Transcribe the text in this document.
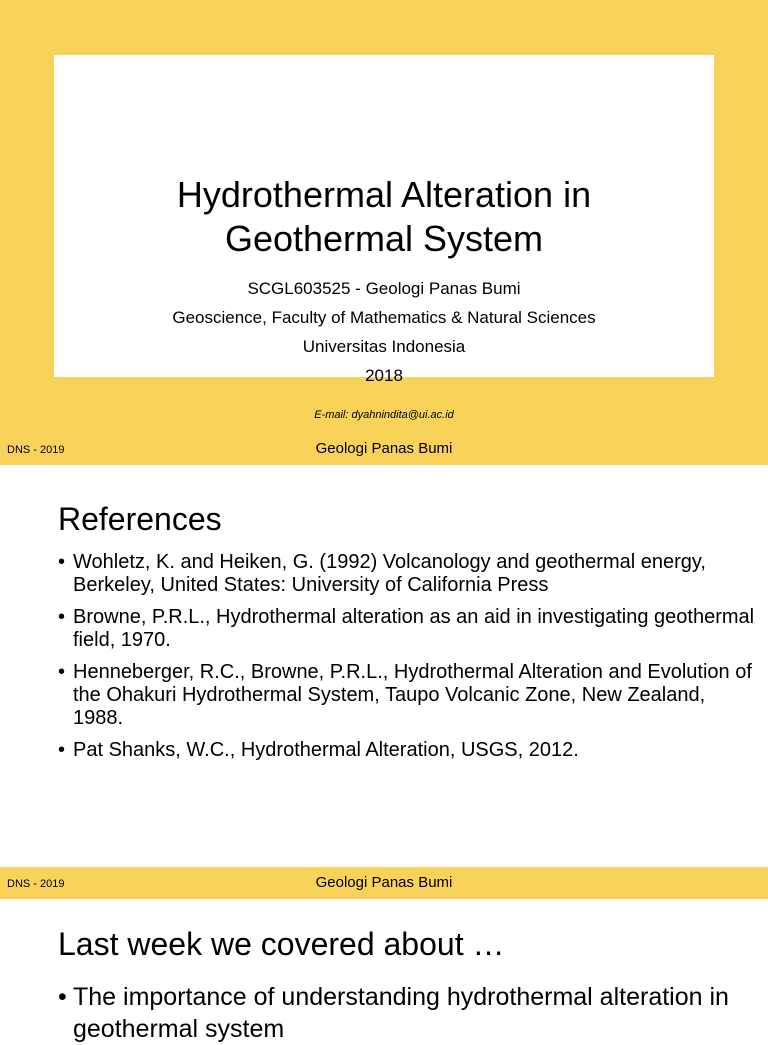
Hydrothermal Alteration in
Geothermal System
SCGL603525 - Geologi Panas Bumi
Geoscience, Faculty of Mathematics & Natural Sciences
Universitas Indonesia
2018
E-mail: dyahnindita@ui.ac.id
DNS - 2019	Geologi Panas Bumi
References
• Wohletz, K. and Heiken, G. (1992) Volcanology and geothermal energy, Berkeley, United States: University of California Press
• Browne, P.R.L., Hydrothermal alteration as an aid in investigating geothermal field, 1970.
• Henneberger, R.C., Browne, P.R.L., Hydrothermal Alteration and Evolution of the Ohakuri Hydrothermal System, Taupo Volcanic Zone, New Zealand, 1988.
• Pat Shanks, W.C., Hydrothermal Alteration, USGS, 2012.
DNS - 2019	Geologi Panas Bumi
Last week we covered about …
• The importance of understanding hydrothermal alteration in geothermal system
